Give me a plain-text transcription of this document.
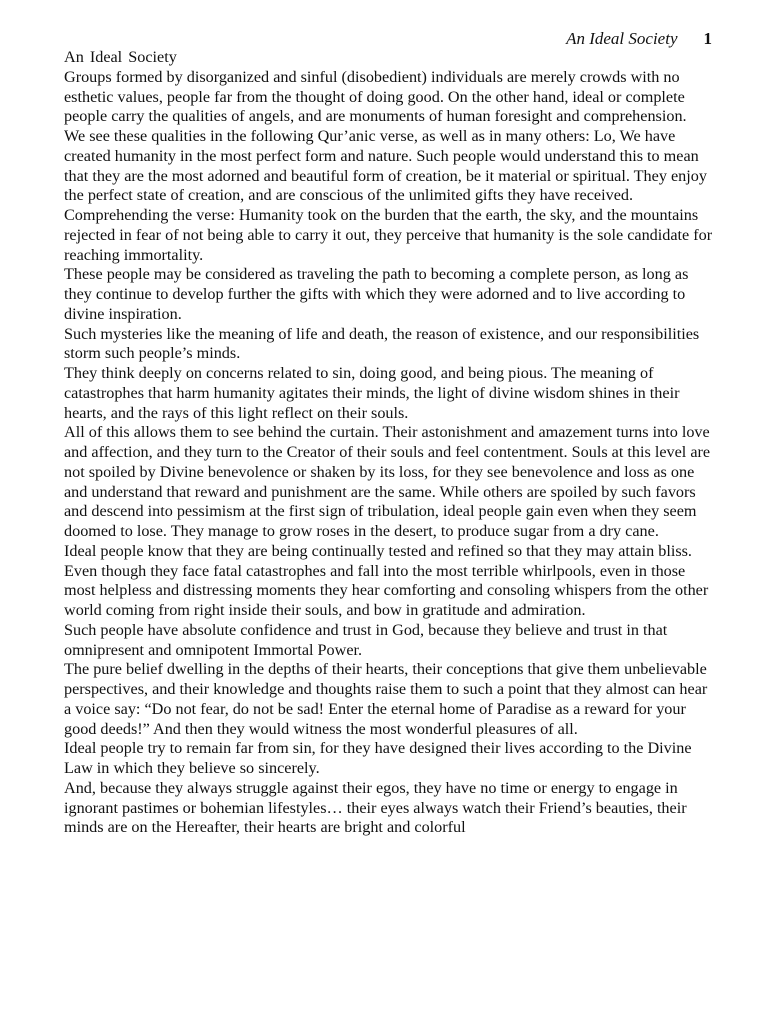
An Ideal Society 1
An Ideal Society

Groups formed by disorganized and sinful (disobedient) individuals are merely crowds with no esthetic values, people far from the thought of doing good. On the other hand, ideal or complete people carry the qualities of angels, and are monuments of human foresight and comprehension.

We see these qualities in the following Qur’anic verse, as well as in many others: Lo, We have created humanity in the most perfect form and nature. Such people would understand this to mean that they are the most adorned and beautiful form of creation, be it material or spiritual. They enjoy the perfect state of creation, and are conscious of the unlimited gifts they have received.

Comprehending the verse: Humanity took on the burden that the earth, the sky, and the mountains rejected in fear of not being able to carry it out, they perceive that humanity is the sole candidate for reaching immortality.

These people may be considered as traveling the path to becoming a complete person, as long as they continue to develop further the gifts with which they were adorned and to live according to divine inspiration.

Such mysteries like the meaning of life and death, the reason of existence, and our responsibilities storm such people’s minds.

They think deeply on concerns related to sin, doing good, and being pious. The meaning of catastrophes that harm humanity agitates their minds, the light of divine wisdom shines in their hearts, and the rays of this light reflect on their souls.

All of this allows them to see behind the curtain. Their astonishment and amazement turns into love and affection, and they turn to the Creator of their souls and feel contentment. Souls at this level are not spoiled by Divine benevolence or shaken by its loss, for they see benevolence and loss as one and understand that reward and punishment are the same. While others are spoiled by such favors and descend into pessimism at the first sign of tribulation, ideal people gain even when they seem doomed to lose. They manage to grow roses in the desert, to produce sugar from a dry cane.

Ideal people know that they are being continually tested and refined so that they may attain bliss. Even though they face fatal catastrophes and fall into the most terrible whirlpools, even in those most helpless and distressing moments they hear comforting and consoling whispers from the other world coming from right inside their souls, and bow in gratitude and admiration.

Such people have absolute confidence and trust in God, because they believe and trust in that omnipresent and omnipotent Immortal Power.

The pure belief dwelling in the depths of their hearts, their conceptions that give them unbelievable perspectives, and their knowledge and thoughts raise them to such a point that they almost can hear a voice say: “Do not fear, do not be sad! Enter the eternal home of Paradise as a reward for your good deeds!” And then they would witness the most wonderful pleasures of all.

Ideal people try to remain far from sin, for they have designed their lives according to the Divine Law in which they believe so sincerely.

And, because they always struggle against their egos, they have no time or energy to engage in ignorant pastimes or bohemian lifestyles… their eyes always watch their Friend’s beauties, their minds are on the Hereafter, their hearts are bright and colorful
